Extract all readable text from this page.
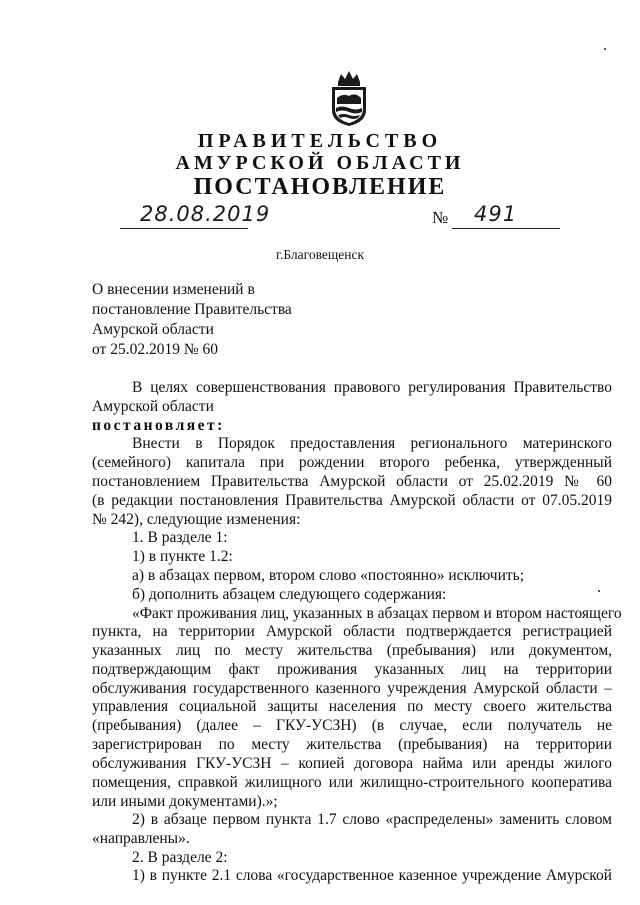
ПРАВИТЕЛЬСТВО
АМУРСКОЙ ОБЛАСТИ
ПОСТАНОВЛЕНИЕ
28.08.2019	№ 491
г.Благовещенск
О внесении изменений в
постановление Правительства
Амурской области
от 25.02.2019 № 60
В целях совершенствования правового регулирования Правительство
Амурской области
постановляет:
Внести в Порядок предоставления регионального материнского
(семейного) капитала при рождении второго ребенка, утвержденный
постановлением Правительства Амурской области от 25.02.2019 № 60
(в редакции постановления Правительства Амурской области от 07.05.2019
№ 242), следующие изменения:
1. В разделе 1:
1) в пункте 1.2:
а) в абзацах первом, втором слово «постоянно» исключить;
б) дополнить абзацем следующего содержания:
«Факт проживания лиц, указанных в абзацах первом и втором настоящего
пункта, на территории Амурской области подтверждается регистрацией
указанных лиц по месту жительства (пребывания) или документом,
подтверждающим факт проживания указанных лиц на территории
обслуживания государственного казенного учреждения Амурской области –
управления социальной защиты населения по месту своего жительства
(пребывания) (далее – ГКУ-УСЗН) (в случае, если получатель не
зарегистрирован по месту жительства (пребывания) на территории
обслуживания ГКУ-УСЗН – копией договора найма или аренды жилого
помещения, справкой жилищного или жилищно-строительного кооператива
или иными документами).»;
2) в абзаце первом пункта 1.7 слово «распределены» заменить словом
«направлены».
2. В разделе 2:
1) в пункте 2.1 слова «государственное казенное учреждение Амурской
